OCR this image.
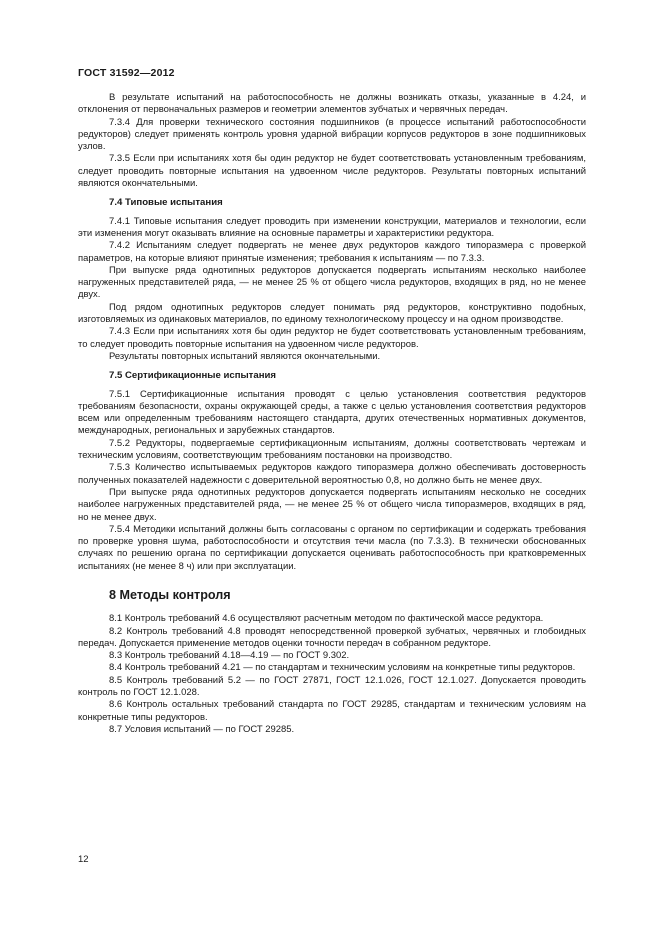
ГОСТ 31592—2012

В результате испытаний на работоспособность не должны возникать отказы, указанные в 4.24, и отклонения от первоначальных размеров и геометрии элементов зубчатых и червячных передач.

7.3.4 Для проверки технического состояния подшипников (в процессе испытаний работоспособности редукторов) следует применять контроль уровня ударной вибрации корпусов редукторов в зоне подшипниковых узлов.

7.3.5 Если при испытаниях хотя бы один редуктор не будет соответствовать установленным требованиям, следует проводить повторные испытания на удвоенном числе редукторов. Результаты повторных испытаний являются окончательными.

7.4 Типовые испытания

7.4.1 Типовые испытания следует проводить при изменении конструкции, материалов и технологии, если эти изменения могут оказывать влияние на основные параметры и характеристики редуктора.

7.4.2 Испытаниям следует подвергать не менее двух редукторов каждого типоразмера с проверкой параметров, на которые влияют принятые изменения; требования к испытаниям — по 7.3.3.

При выпуске ряда однотипных редукторов допускается подвергать испытаниям несколько наиболее нагруженных представителей ряда, — не менее 25 % от общего числа редукторов, входящих в ряд, но не менее двух.

Под рядом однотипных редукторов следует понимать ряд редукторов, конструктивно подобных, изготовляемых из одинаковых материалов, по единому технологическому процессу и на одном производстве.

7.4.3 Если при испытаниях хотя бы один редуктор не будет соответствовать установленным требованиям, то следует проводить повторные испытания на удвоенном числе редукторов.

Результаты повторных испытаний являются окончательными.

7.5 Сертификационные испытания

7.5.1 Сертификационные испытания проводят с целью установления соответствия редукторов требованиям безопасности, охраны окружающей среды, а также с целью установления соответствия редукторов всем или определенным требованиям настоящего стандарта, других отечественных нормативных документов, международных, региональных и зарубежных стандартов.

7.5.2 Редукторы, подвергаемые сертификационным испытаниям, должны соответствовать чертежам и техническим условиям, соответствующим требованиям постановки на производство.

7.5.3 Количество испытываемых редукторов каждого типоразмера должно обеспечивать достоверность полученных показателей надежности с доверительной вероятностью 0,8, но должно быть не менее двух.

При выпуске ряда однотипных редукторов допускается подвергать испытаниям несколько не соседних наиболее нагруженных представителей ряда, — не менее 25 % от общего числа типоразмеров, входящих в ряд, но не менее двух.

7.5.4 Методики испытаний должны быть согласованы с органом по сертификации и содержать требования по проверке уровня шума, работоспособности и отсутствия течи масла (по 7.3.3). В технически обоснованных случаях по решению органа по сертификации допускается оценивать работоспособность при кратковременных испытаниях (не менее 8 ч) или при эксплуатации.

8 Методы контроля

8.1 Контроль требований 4.6 осуществляют расчетным методом по фактической массе редуктора.

8.2 Контроль требований 4.8 проводят непосредственной проверкой зубчатых, червячных и глобоидных передач. Допускается применение методов оценки точности передач в собранном редукторе.

8.3 Контроль требований 4.18—4.19 — по ГОСТ 9.302.

8.4 Контроль требований 4.21 — по стандартам и техническим условиям на конкретные типы редукторов.

8.5 Контроль требований 5.2 — по ГОСТ 27871, ГОСТ 12.1.026, ГОСТ 12.1.027. Допускается проводить контроль по ГОСТ 12.1.028.

8.6 Контроль остальных требований стандарта по ГОСТ 29285, стандартам и техническим условиям на конкретные типы редукторов.

8.7 Условия испытаний — по ГОСТ 29285.

12
